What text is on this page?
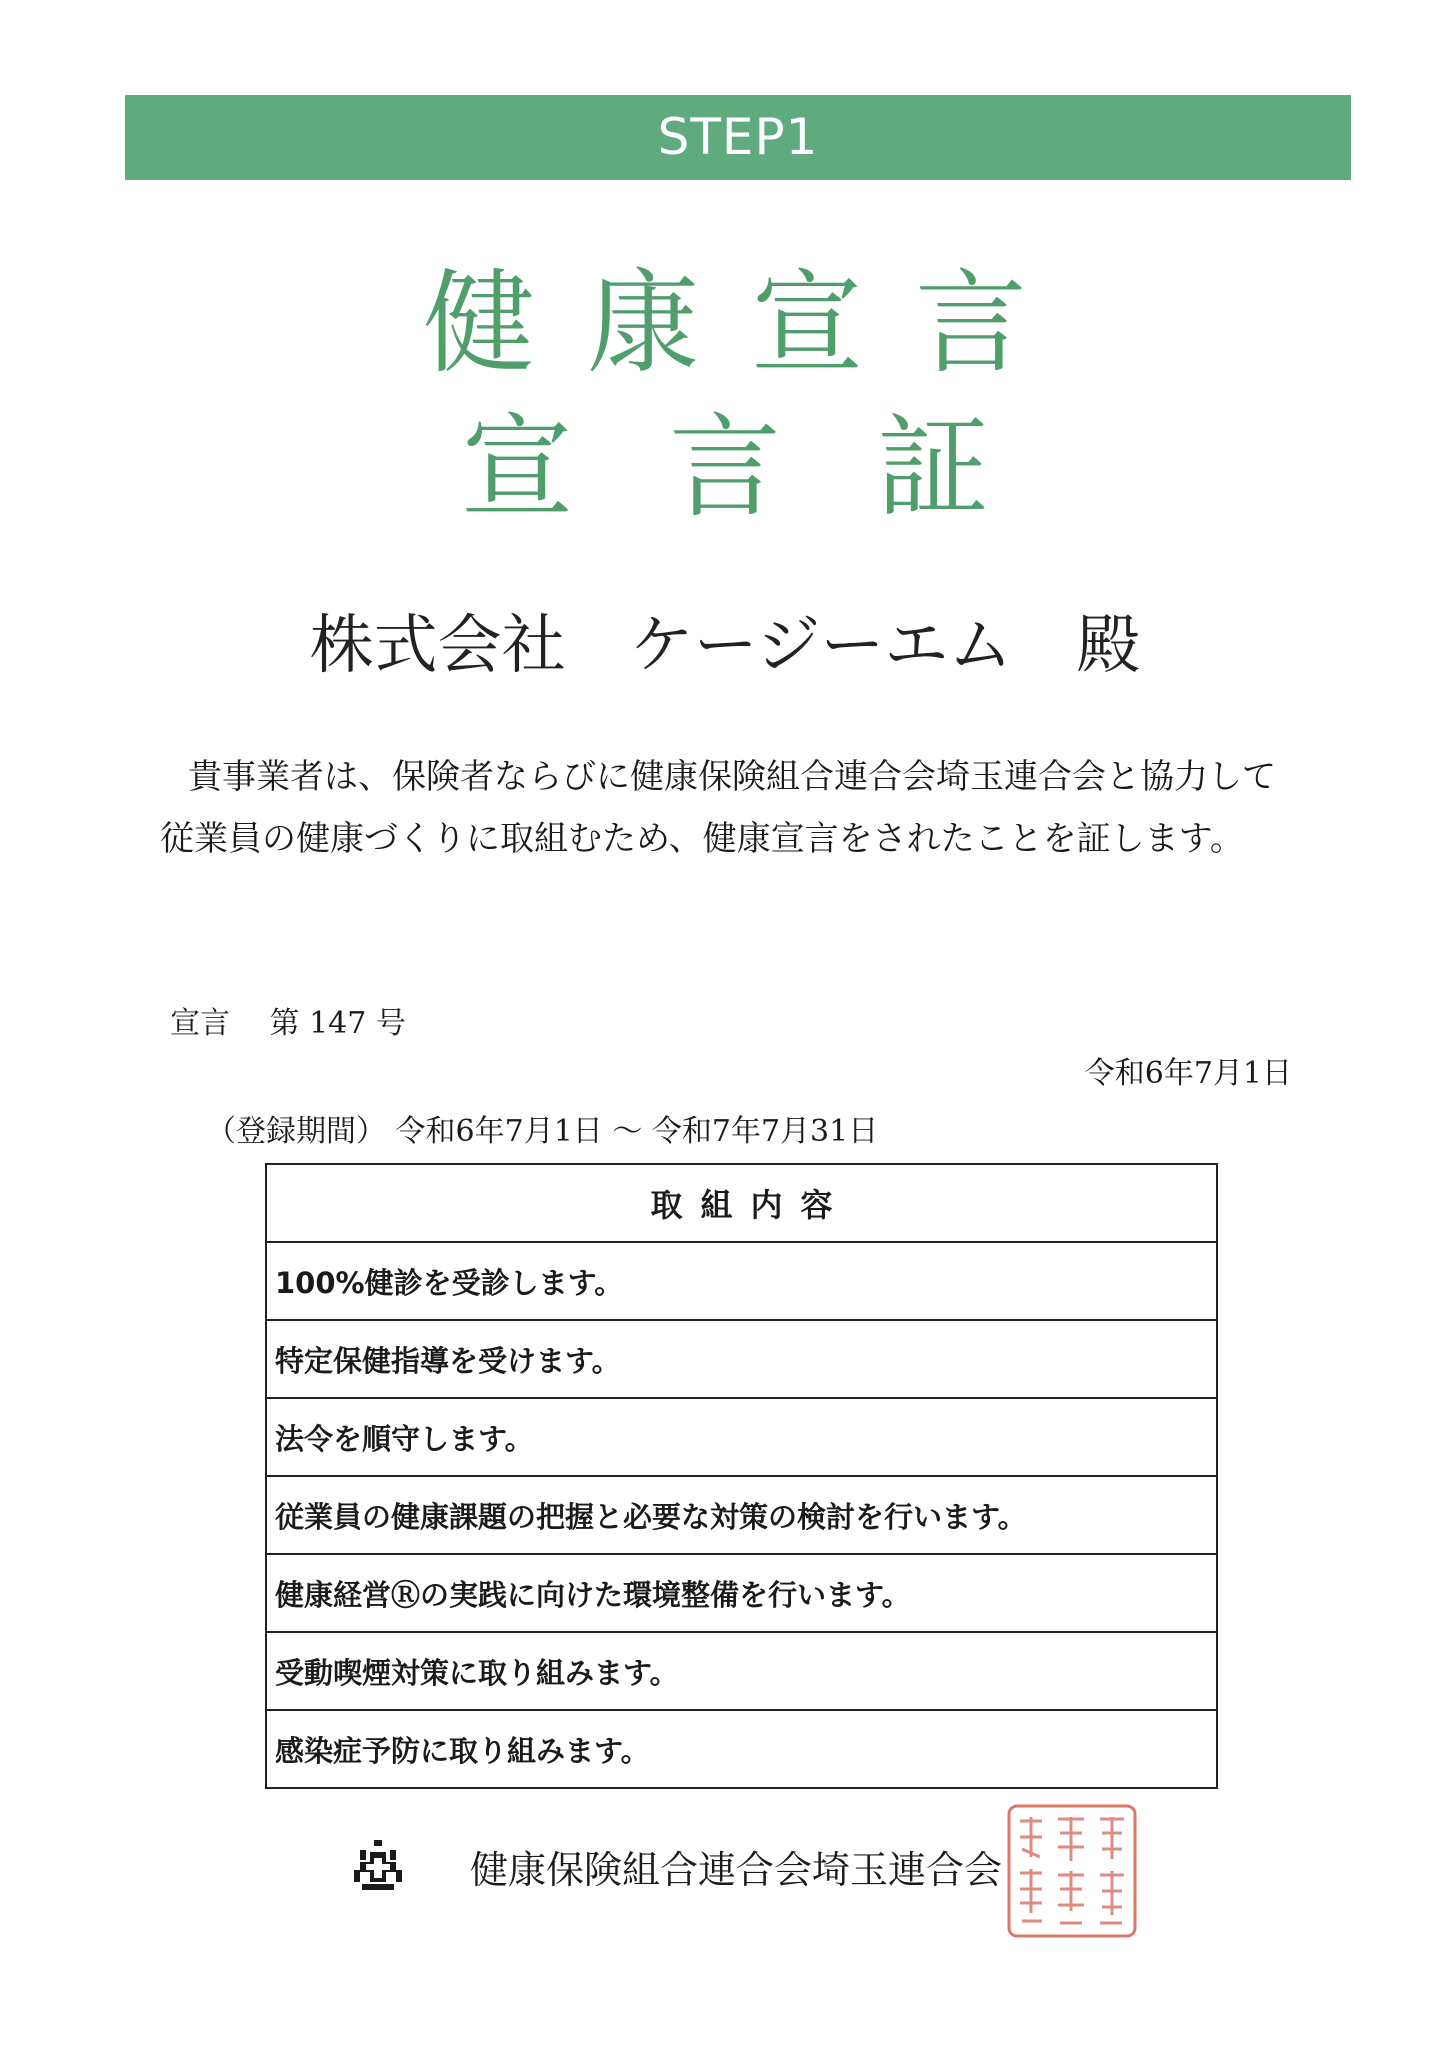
STEP1
健康宣言
宣言証
株式会社　ケージーエム　殿
貴事業者は、保険者ならびに健康保険組合連合会埼玉連合会と協力して従業員の健康づくりに取組むため、健康宣言をされたことを証します。
宣言　 第 147 号
令和6年7月1日
（登録期間） 令和6年7月1日 ～ 令和7年7月31日
取組内容
100%健診を受診します。
特定保健指導を受けます。
法令を順守します。
従業員の健康課題の把握と必要な対策の検討を行います。
健康経営Ⓡの実践に向けた環境整備を行います。
受動喫煙対策に取り組みます。
感染症予防に取り組みます。
健康保険組合連合会埼玉連合会
